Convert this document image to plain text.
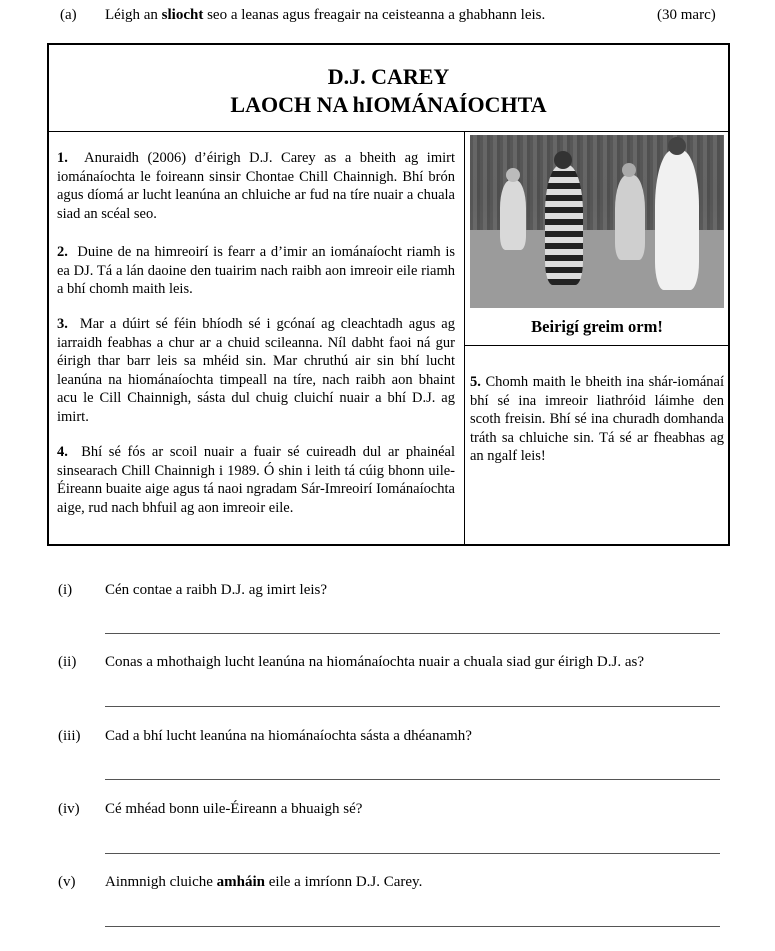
(a) Léigh an sliocht seo a leanas agus freagair na ceisteanna a ghabhann leis.	(30 marc)
D.J. CAREY
LAOCH NA hIOMÁNAÍOCHTA
1. Anuraidh (2006) d’éirigh D.J. Carey as a bheith ag imirt iománaíochta le foireann sinsir Chontae Chill Chainnigh. Bhí brón agus díomá ar lucht leanúna an chluiche ar fud na tíre nuair a chuala siad an scéal seo.
2. Duine de na himreoirí is fearr a d’imir an iománaíocht riamh is ea DJ. Tá a lán daoine den tuairim nach raibh aon imreoir eile riamh a bhí chomh maith leis.
3. Mar a dúirt sé féin bhíodh sé i gcónaí ag cleachtadh agus ag iarraidh feabhas a chur ar a chuid scileanna. Níl dabht faoi ná gur éirigh thar barr leis sa mhéid sin. Mar chruthú air sin bhí lucht leanúna na hiománaíochta timpeall na tíre, nach raibh aon bhaint acu le Cill Chainnigh, sásta dul chuig cluichí nuair a bhí D.J. ag imirt.
4. Bhí sé fós ar scoil nuair a fuair sé cuireadh dul ar phainéal sinsearach Chill Chainnigh i 1989. Ó shin i leith tá cúig bhonn uile-Éireann buaite aige agus tá naoi ngradam Sár-Imreoirí Iománaíochta aige, rud nach bhfuil ag aon imreoir eile.
5. Chomh maith le bheith ina shár-iománaí bhí sé ina imreoir liathróid láimhe den scoth freisin. Bhí sé ina churadh domhanda tráth sa chluiche sin. Tá sé ar fheabhas ag an ngalf leis!
Beirigí greim orm!
(i) Cén contae a raibh D.J. ag imirt leis?
(ii) Conas a mhothaigh lucht leanúna na hiománaíochta nuair a chuala siad gur éirigh D.J. as?
(iii) Cad a bhí lucht leanúna na hiománaíochta sásta a dhéanamh?
(iv) Cé mhéad bonn uile-Éireann a bhuaigh sé?
(v) Ainmnigh cluiche amháin eile a imríonn D.J. Carey.
